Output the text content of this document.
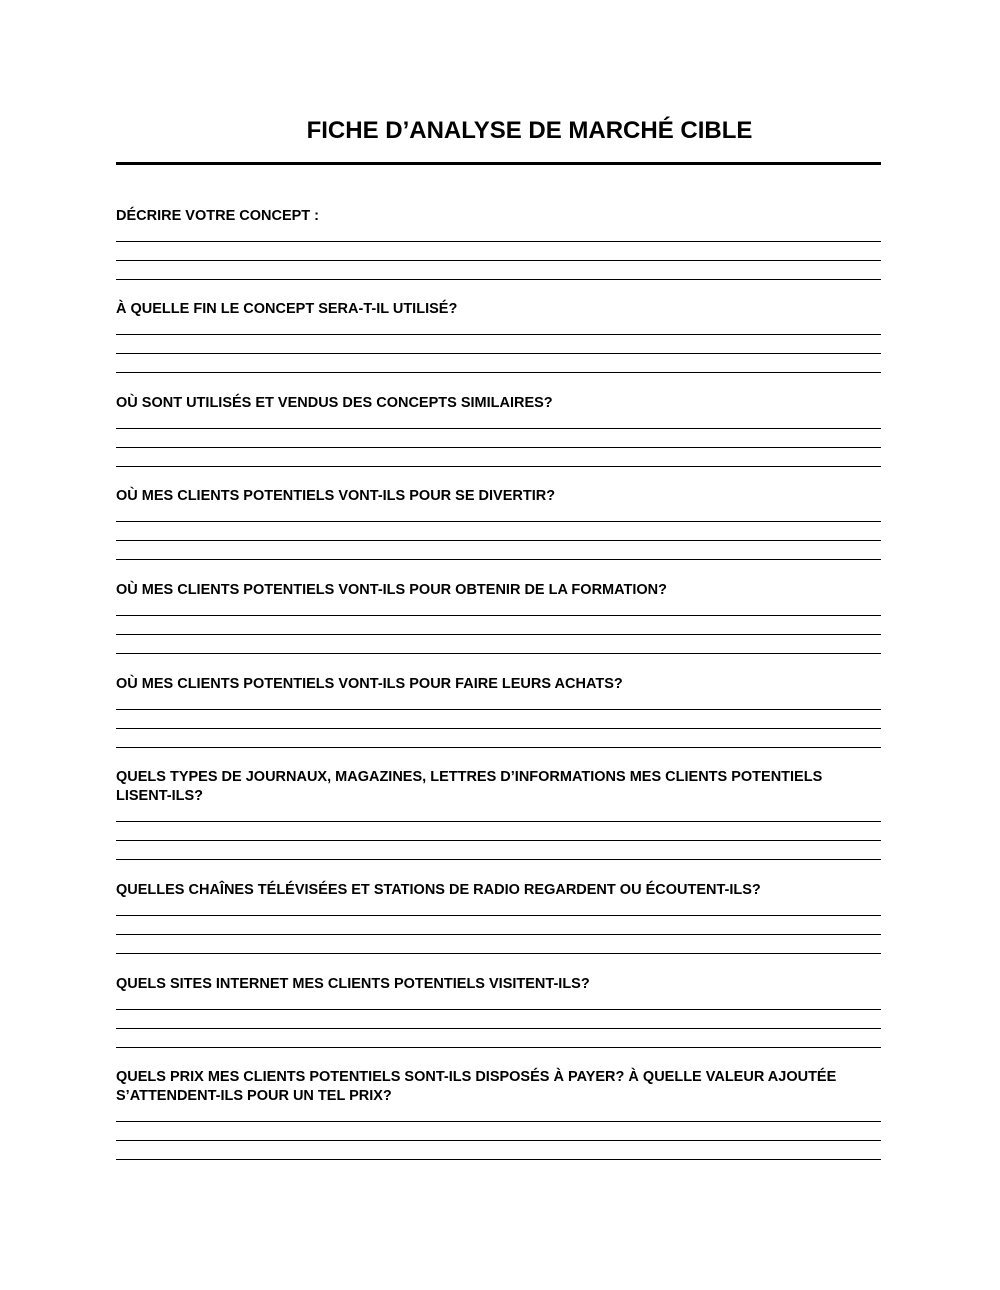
FICHE D’ANALYSE DE MARCHÉ CIBLE

DÉCRIRE VOTRE CONCEPT :

À QUELLE FIN LE CONCEPT SERA-T-IL UTILISÉ?

OÙ SONT UTILISÉS ET VENDUS DES CONCEPTS SIMILAIRES?

OÙ MES CLIENTS POTENTIELS VONT-ILS POUR SE DIVERTIR?

OÙ MES CLIENTS POTENTIELS VONT-ILS POUR OBTENIR DE LA FORMATION?

OÙ MES CLIENTS POTENTIELS VONT-ILS POUR FAIRE LEURS ACHATS?

QUELS TYPES DE JOURNAUX, MAGAZINES, LETTRES D’INFORMATIONS MES CLIENTS POTENTIELS
LISENT-ILS?

QUELLES CHAÎNES TÉLÉVISÉES ET STATIONS DE RADIO REGARDENT OU ÉCOUTENT-ILS?

QUELS SITES INTERNET MES CLIENTS POTENTIELS VISITENT-ILS?

QUELS PRIX MES CLIENTS POTENTIELS SONT-ILS DISPOSÉS À PAYER? À QUELLE VALEUR AJOUTÉE
S’ATTENDENT-ILS POUR UN TEL PRIX?
